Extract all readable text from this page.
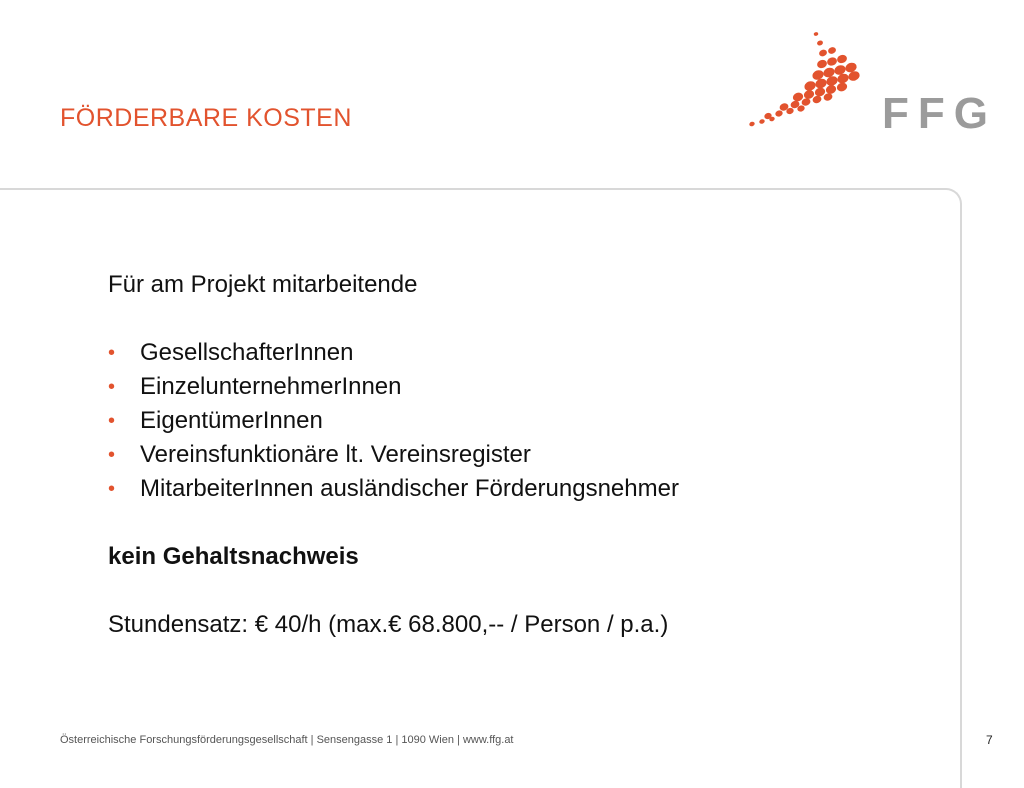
FÖRDERBARE KOSTEN	FFG

Für am Projekt mitarbeitende

• GesellschafterInnen
• EinzelunternehmerInnen
• EigentümerInnen
• Vereinsfunktionäre lt. Vereinsregister
• MitarbeiterInnen ausländischer Förderungsnehmer

kein Gehaltsnachweis

Stundensatz: € 40/h (max.€ 68.800,-- / Person / p.a.)

Österreichische Forschungsförderungsgesellschaft | Sensengasse 1 | 1090 Wien | www.ffg.at	7
